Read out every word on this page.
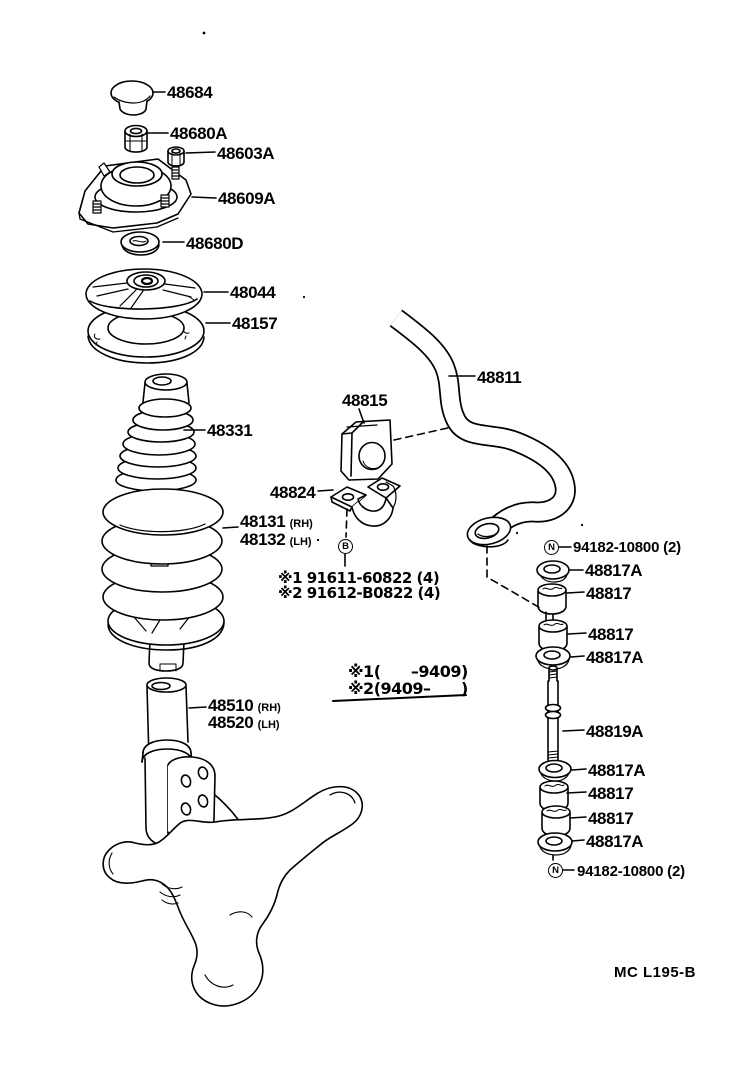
48684
48680A
48603A
48609A
48680D
48044
48157
48331
48815
48811
48824
48131 (RH)
48132 (LH)
※1 91611-60822 (4)
※2 91612-B0822 (4)
B	N 94182-10800 (2)
48817A
48817
48817
48817A
※1(      –9409)
※2(9409–      )
48510 (RH)
48520 (LH)	48819A
48817A
48817
48817
48817A
N 94182-10800 (2)
MC L195-B
